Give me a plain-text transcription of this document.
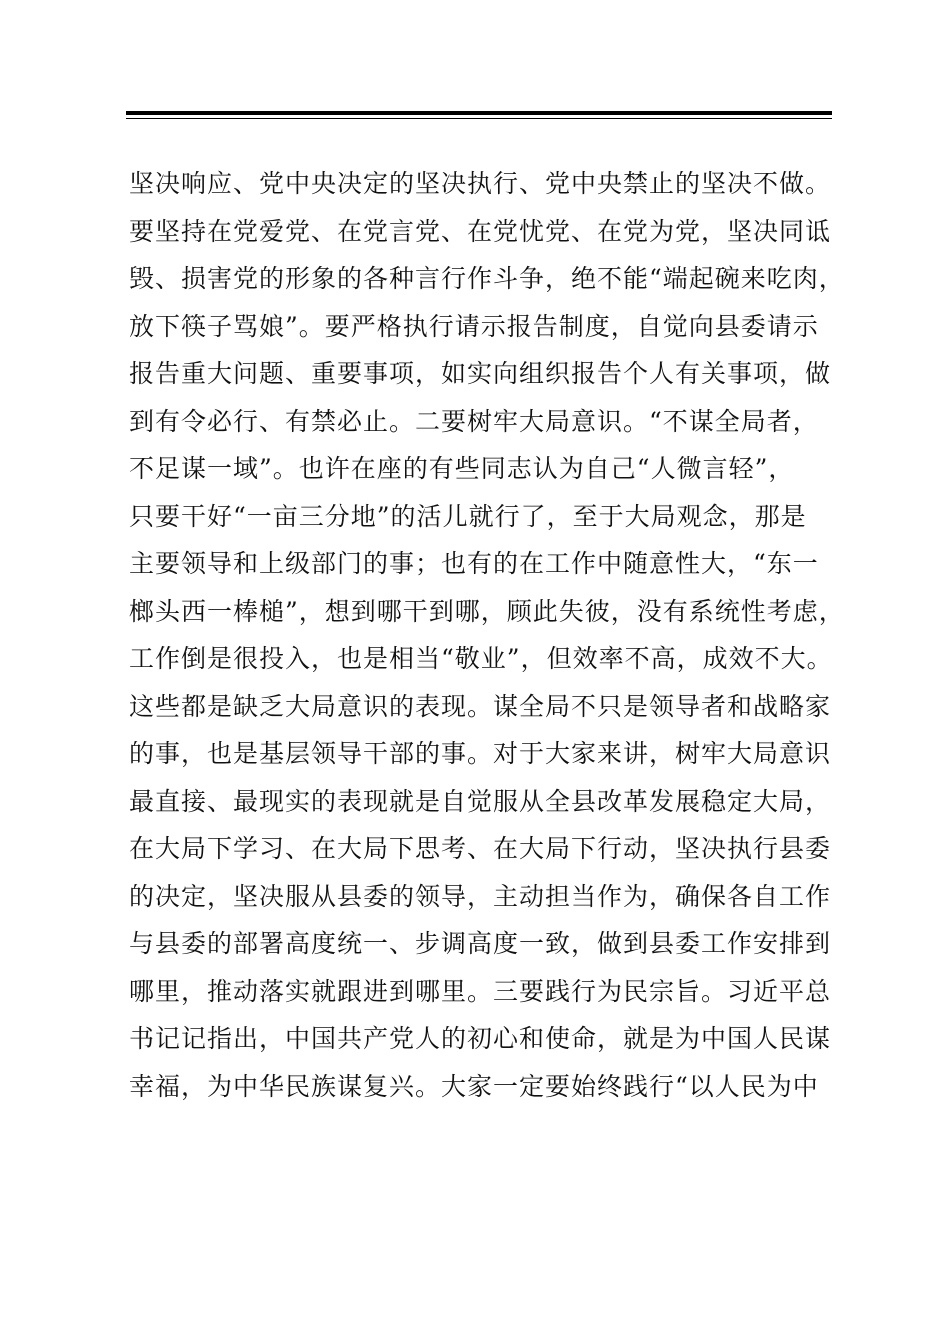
坚决响应、党中央决定的坚决执行、党中央禁止的坚决不做。
要坚持在党爱党、在党言党、在党忧党、在党为党，坚决同诋
毁、损害党的形象的各种言行作斗争，绝不能“端起碗来吃肉，
放下筷子骂娘”。要严格执行请示报告制度，自觉向县委请示
报告重大问题、重要事项，如实向组织报告个人有关事项，做
到有令必行、有禁必止。二要树牢大局意识。“不谋全局者，
不足谋一域”。也许在座的有些同志认为自己“人微言轻”，
只要干好“一亩三分地”的活儿就行了，至于大局观念，那是
主要领导和上级部门的事；也有的在工作中随意性大，“东一
榔头西一棒槌”，想到哪干到哪，顾此失彼，没有系统性考虑，
工作倒是很投入，也是相当“敬业”，但效率不高，成效不大。
这些都是缺乏大局意识的表现。谋全局不只是领导者和战略家
的事，也是基层领导干部的事。对于大家来讲，树牢大局意识
最直接、最现实的表现就是自觉服从全县改革发展稳定大局，
在大局下学习、在大局下思考、在大局下行动，坚决执行县委
的决定，坚决服从县委的领导，主动担当作为，确保各自工作
与县委的部署高度统一、步调高度一致，做到县委工作安排到
哪里，推动落实就跟进到哪里。三要践行为民宗旨。习近平总
书记记指出，中国共产党人的初心和使命，就是为中国人民谋
幸福，为中华民族谋复兴。大家一定要始终践行“以人民为中
